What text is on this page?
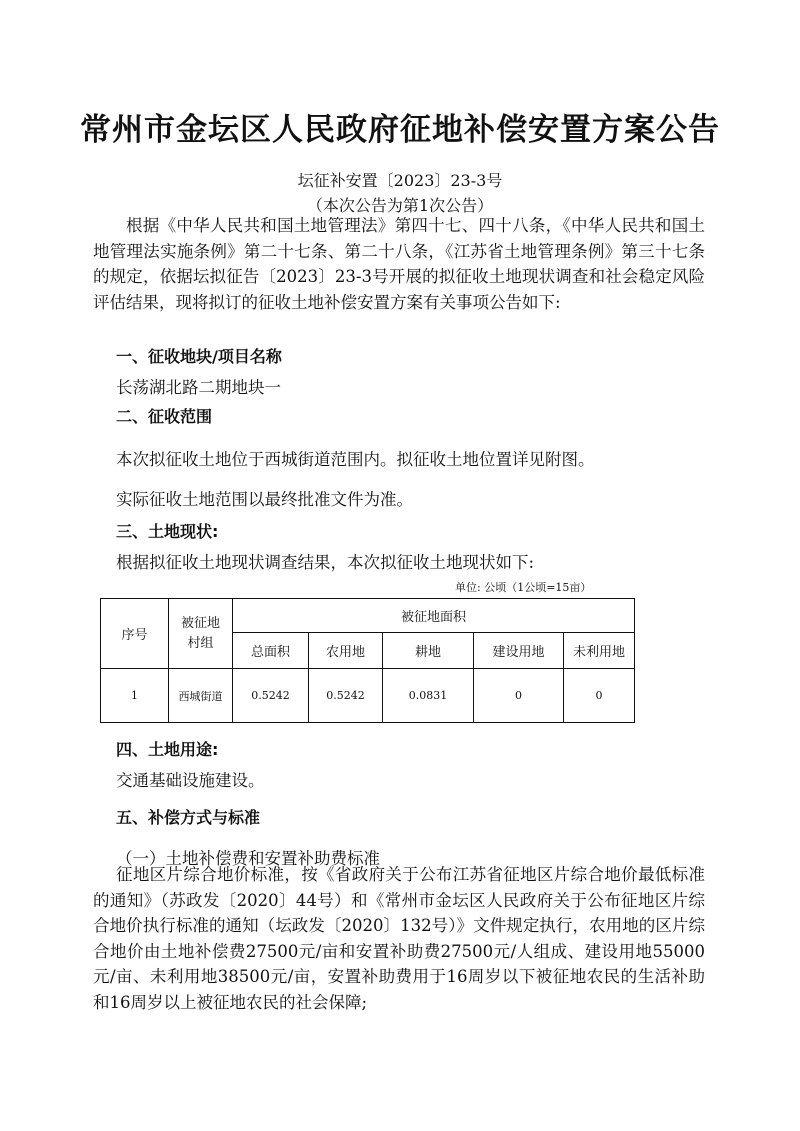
常州市金坛区人民政府征地补偿安置方案公告
坛征补安置〔2023〕23-3号
（本次公告为第1次公告）
根据《中华人民共和国土地管理法》第四十七、四十八条，《中华人民共和国土地管理法实施条例》第二十七条、第二十八条，《江苏省土地管理条例》第三十七条的规定，依据坛拟征告〔2023〕23-3号开展的拟征收土地现状调查和社会稳定风险评估结果，现将拟订的征收土地补偿安置方案有关事项公告如下:
一、征收地块/项目名称
长荡湖北路二期地块一
二、征收范围
本次拟征收土地位于西城街道范围内。拟征收土地位置详见附图。
实际征收土地范围以最终批准文件为准。
三、土地现状:
根据拟征收土地现状调查结果，本次拟征收土地现状如下:
单位: 公顷（1公顷=15亩）
序号	被征地村组	被征地面积				
		总面积	农用地	耕地	建设用地	未利用地
1	西城街道	0.5242	0.5242	0.0831	0	0
四、土地用途:
交通基础设施建设。
五、补偿方式与标准
（一）土地补偿费和安置补助费标准
征地区片综合地价标准，按《省政府关于公布江苏省征地区片综合地价最低标准的通知》（苏政发〔2020〕44号）和《常州市金坛区人民政府关于公布征地区片综合地价执行标准的通知（坛政发〔2020〕132号）》文件规定执行，农用地的区片综合地价由土地补偿费27500元/亩和安置补助费27500元/人组成、建设用地55000元/亩、未利用地38500元/亩，安置补助费用于16周岁以下被征地农民的生活补助和16周岁以上被征地农民的社会保障;
